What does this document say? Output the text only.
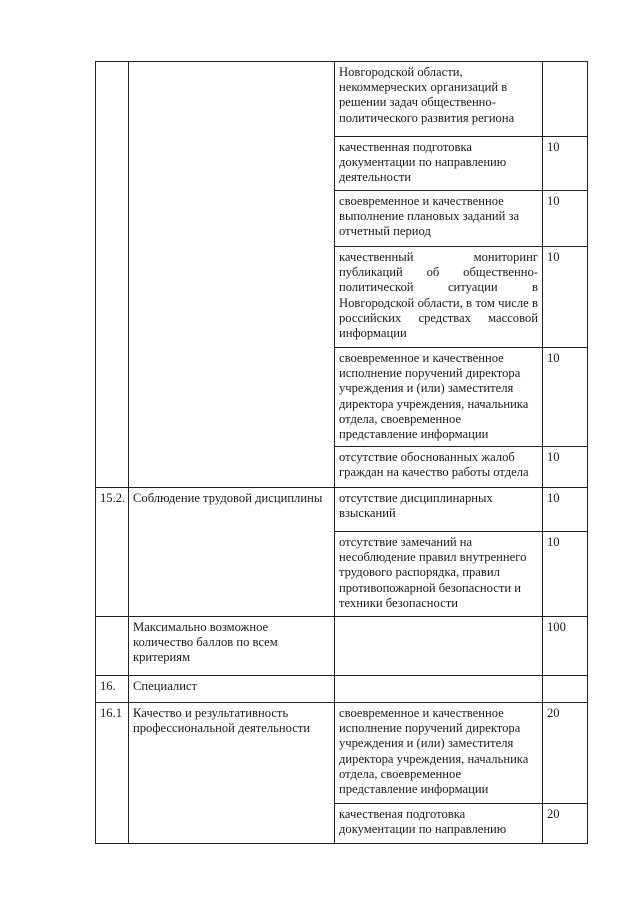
		Новгородской области, некоммерческих организаций в решении задач общественно-политического развития региона	
		качественная подготовка документации по направлению деятельности	10
		своевременное и качественное выполнение плановых заданий за отчетный период	10
		качественный мониторинг публикаций об общественно-политической ситуации в Новгородской области, в том числе в российских средствах массовой информации	10
		своевременное и качественное исполнение поручений директора учреждения и (или) заместителя директора учреждения, начальника отдела, своевременное представление информации	10
		отсутствие обоснованных жалоб граждан на качество работы отдела	10
15.2.	Соблюдение трудовой дисциплины	отсутствие дисциплинарных взысканий	10
		отсутствие замечаний на несоблюдение правил внутреннего трудового распорядка, правил противопожарной безопасности и техники безопасности	10
	Максимально возможное количество баллов по всем критериям		100
16.	Специалист		
16.1	Качество и результативность профессиональной деятельности	своевременное и качественное исполнение поручений директора учреждения и (или) заместителя директора учреждения, начальника отдела, своевременное представление информации	20
		качественая подготовка документации по направлению	20
